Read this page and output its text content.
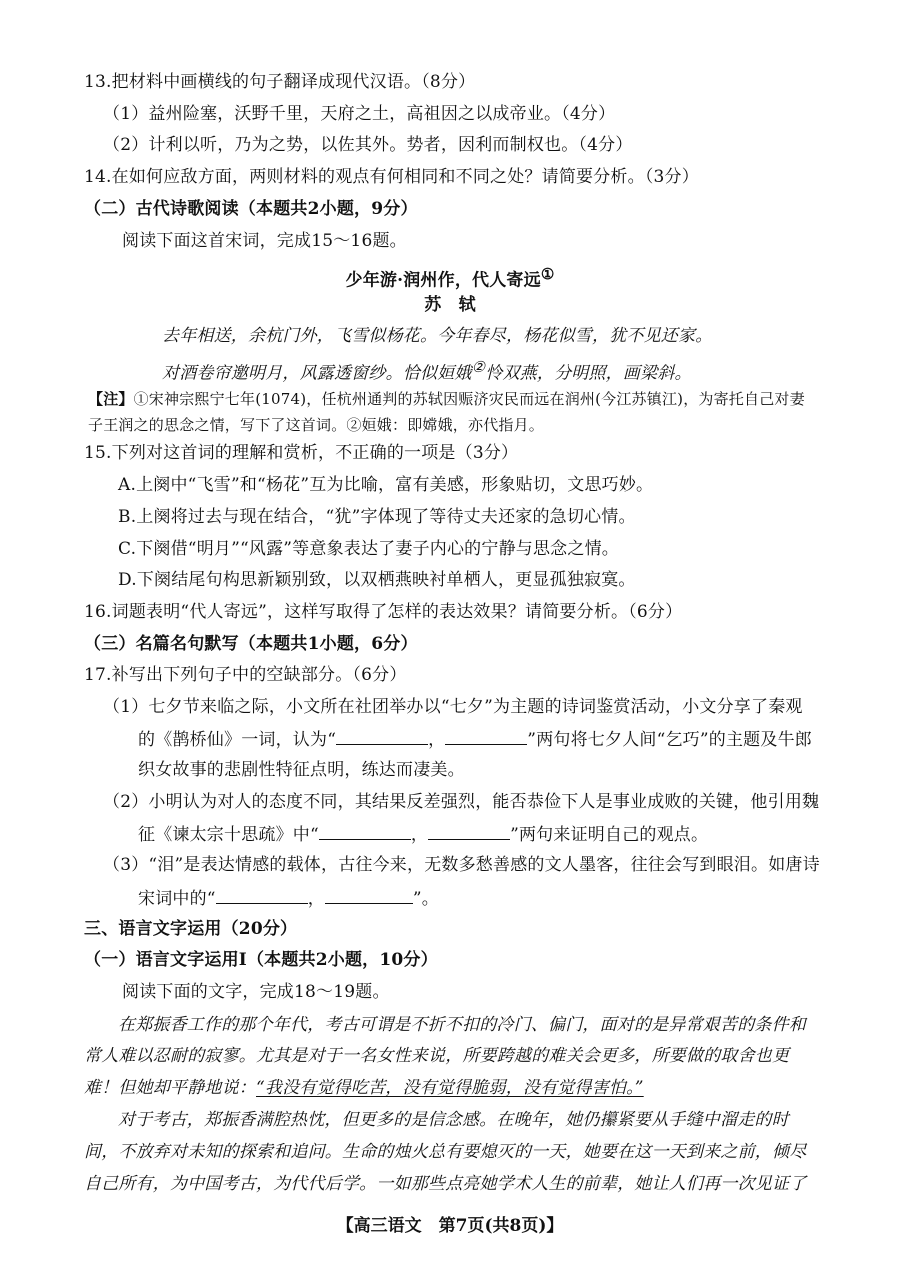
13.把材料中画横线的句子翻译成现代汉语。（8分）
（1）益州险塞，沃野千里，天府之土，高祖因之以成帝业。（4分）
（2）计利以听，乃为之势，以佐其外。势者，因利而制权也。（4分）
14.在如何应敌方面，两则材料的观点有何相同和不同之处？请简要分析。（3分）
（二）古代诗歌阅读（本题共2小题，9分）
阅读下面这首宋词，完成15～16题。
少年游·润州作，代人寄远①
苏　轼
去年相送，余杭门外，飞雪似杨花。今年春尽，杨花似雪，犹不见还家。
对酒卷帘邀明月，风露透窗纱。恰似姮娥②怜双燕，分明照，画梁斜。
【注】①宋神宗熙宁七年(1074)，任杭州通判的苏轼因赈济灾民而远在润州(今江苏镇江)，为寄托自己对妻
子王润之的思念之情，写下了这首词。②姮娥：即嫦娥，亦代指月。
15.下列对这首词的理解和赏析，不正确的一项是（3分）
A.上阕中“飞雪”和“杨花”互为比喻，富有美感，形象贴切，文思巧妙。
B.上阕将过去与现在结合，“犹”字体现了等待丈夫还家的急切心情。
C.下阕借“明月”“风露”等意象表达了妻子内心的宁静与思念之情。
D.下阕结尾句构思新颖别致，以双栖燕映衬单栖人，更显孤独寂寞。
16.词题表明“代人寄远”，这样写取得了怎样的表达效果？请简要分析。（6分）
（三）名篇名句默写（本题共1小题，6分）
17.补写出下列句子中的空缺部分。（6分）
（1）七夕节来临之际，小文所在社团举办以“七夕”为主题的诗词鉴赏活动，小文分享了秦观
的《鹊桥仙》一词，认为“	，	”两句将七夕人间“乞巧”的主题及牛郎
织女故事的悲剧性特征点明，练达而凄美。
（2）小明认为对人的态度不同，其结果反差强烈，能否恭俭下人是事业成败的关键，他引用魏
征《谏太宗十思疏》中“	，	”两句来证明自己的观点。
（3）“泪”是表达情感的载体，古往今来，无数多愁善感的文人墨客，往往会写到眼泪。如唐诗
宋词中的“	，	”。
三、语言文字运用（20分）
（一）语言文字运用Ⅰ（本题共2小题，10分）
阅读下面的文字，完成18～19题。
在郑振香工作的那个年代，考古可谓是不折不扣的冷门、偏门，面对的是异常艰苦的条件和
常人难以忍耐的寂寥。尤其是对于一名女性来说，所要跨越的难关会更多，所要做的取舍也更
难！但她却平静地说：“我没有觉得吃苦，没有觉得脆弱，没有觉得害怕。”
对于考古，郑振香满腔热忱，但更多的是信念感。在晚年，她仍攥紧要从手缝中溜走的时
间，不放弃对未知的探索和追问。生命的烛火总有要熄灭的一天，她要在这一天到来之前，倾尽
自己所有，为中国考古，为代代后学。一如那些点亮她学术人生的前辈，她让人们再一次见证了
【高三语文　第7页(共8页)】
